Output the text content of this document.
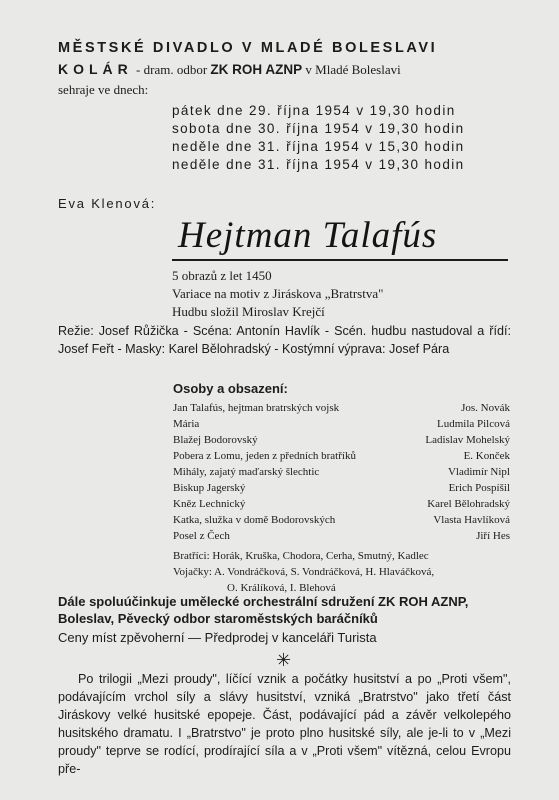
MĚSTSKÉ DIVADLO V MLADÉ BOLESLAVI
KOLÁR - dram. odbor ZK ROH AZNP v Mladé Boleslavi
sehraje ve dnech:
pátek dne 29. října 1954 v 19,30 hodin
sobota dne 30. října 1954 v 19,30 hodin
neděle dne 31. října 1954 v 15,30 hodin
neděle dne 31. října 1954 v 19,30 hodin
Eva Klenová:
Hejtman Talafús
5 obrazů z let 1450
Variace na motiv z Jiráskova „Bratrstva"
Hudbu složil Miroslav Krejčí
Režie: Josef Růžička - Scéna: Antonín Havlík - Scén. hudbu nastudoval a řídí: Josef Feřt - Masky: Karel Bělohradský - Kostýmní výprava: Josef Pára
Osoby a obsazení:
Jan Talafús, hejtman bratrských vojsk	Jos. Novák
Mária	Ludmila Pilcová
Blažej Bodorovský	Ladislav Mohelský
Pobera z Lomu, jeden z předních bratříků	E. Konček
Mihály, zajatý maďarský šlechtic	Vladimír Nipl
Biskup Jagerský	Erich Pospíšil
Kněz Lechnický	Karel Bělohradský
Katka, služka v domě Bodorovských	Vlasta Havlíková
Posel z Čech	Jiří Hes
Bratříci: Horák, Kruška, Chodora, Cerha, Smutný, Kadlec
Vojačky: A. Vondráčková, S. Vondráčková, H. Hlaváčková,
O. Králíková, I. Blehová
Dále spoluúčinkuje umělecké orchestrální sdružení ZK ROH AZNP,
Boleslav, Pěvecký odbor staroměstských baráčníků
Ceny míst zpěvoherní — Předprodej v kanceláři Turista
✳
Po trilogii „Mezi proudy", líčící vznik a počátky husitství a po „Proti všem", podávajícím vrchol síly a slávy husitství, vzniká „Bratrstvo" jako třetí část Jiráskovy velké husitské epopeje. Část, podávající pád a závěr velkolepého husitského dramatu. I „Bratrstvo" je proto plno husitské síly, ale je-li to v „Mezi proudy" teprve se rodící, prodírající síla a v „Proti všem" vítězná, celou Evropu pře-
